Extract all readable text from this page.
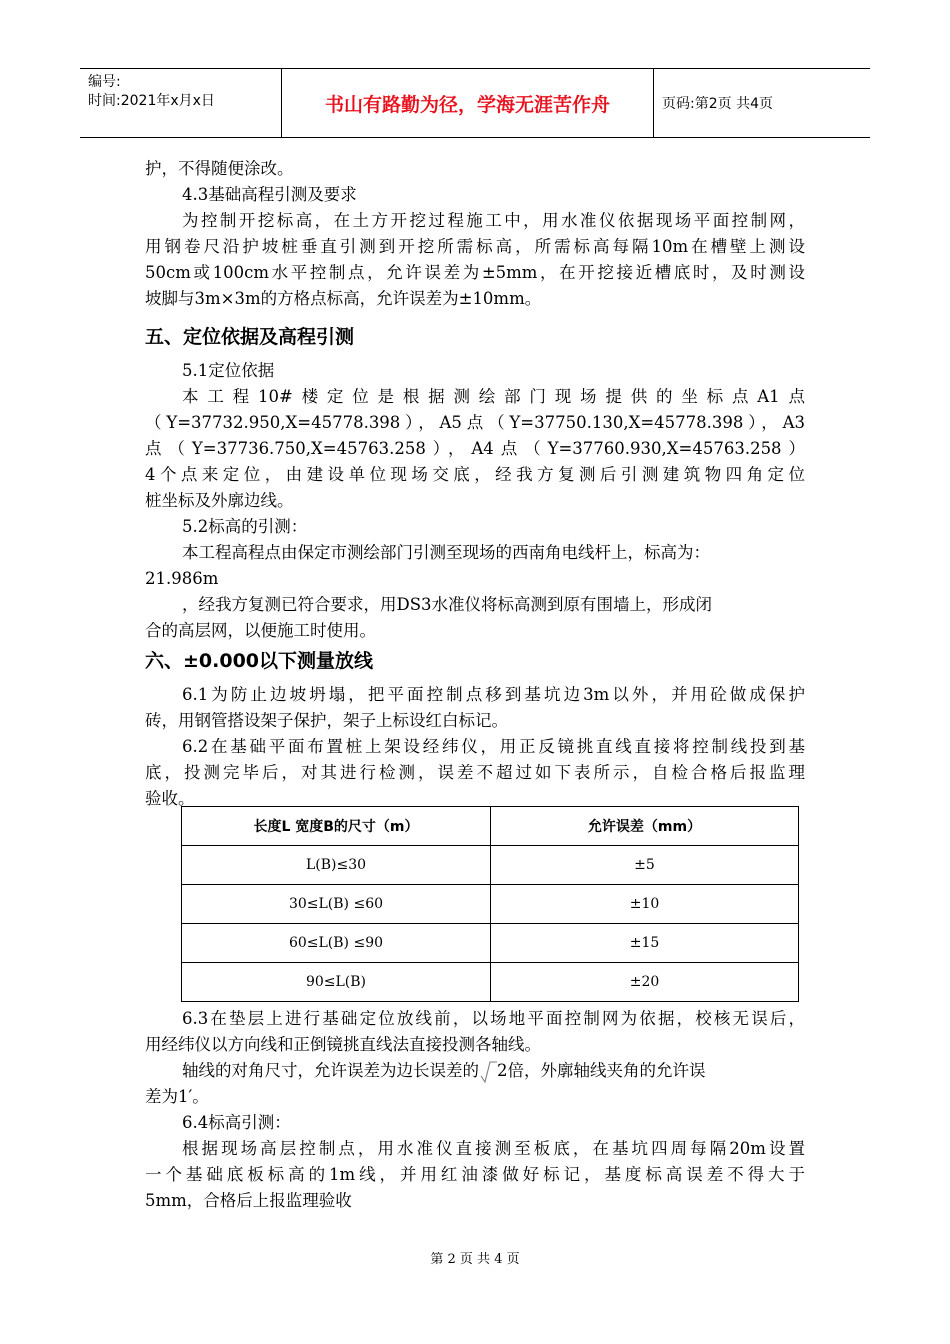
编号:
时间:2021年x月x日	书山有路勤为径，学海无涯苦作舟	页码:第2页 共4页
护，不得随便涂改。
4.3基础高程引测及要求
为控制开挖标高，在土方开挖过程施工中，用水准仪依据现场平面控制网，
用钢卷尺沿护坡桩垂直引测到开挖所需标高，所需标高每隔10m在槽壁上测设
50cm或100cm水平控制点，允许误差为±5mm，在开挖接近槽底时，及时测设
坡脚与3m×3m的方格点标高，允许误差为±10mm。
五、定位依据及高程引测
5.1定位依据
本工程10#楼定位是根据测绘部门现场提供的坐标点A1点
（Y=37732.950,X=45778.398），A5点（Y=37750.130,X=45778.398），A3
点（Y=37736.750,X=45763.258），A4点（Y=37760.930,X=45763.258）
4个点来定位，由建设单位现场交底，经我方复测后引测建筑物四角定位
桩坐标及外廓边线。
5.2标高的引测：
本工程高程点由保定市测绘部门引测至现场的西南角电线杆上，标高为：
21.986m
，经我方复测已符合要求，用DS3水准仪将标高测到原有围墙上，形成闭
合的高层网，以便施工时使用。
六、±0.000以下测量放线
6.1为防止边坡坍塌，把平面控制点移到基坑边3m以外，并用砼做成保护
砖，用钢管搭设架子保护，架子上标设红白标记。
6.2在基础平面布置桩上架设经纬仪，用正反镜挑直线直接将控制线投到基
底，投测完毕后，对其进行检测，误差不超过如下表所示，自检合格后报监理
验收。
长度L 宽度B的尺寸（m）	允许误差（mm）
L(B)≤30	±5
30≤L(B) ≤60	±10
60≤L(B) ≤90	±15
90≤L(B)	±20
6.3在垫层上进行基础定位放线前，以场地平面控制网为依据，校核无误后，
用经纬仪以方向线和正倒镜挑直线法直接投测各轴线。
轴线的对角尺寸，允许误差为边长误差的 2倍，外廓轴线夹角的允许误
差为1′。
6.4标高引测：
根据现场高层控制点，用水准仪直接测至板底，在基坑四周每隔20m设置
一个基础底板标高的1m线，并用红油漆做好标记，基度标高误差不得大于
5mm，合格后上报监理验收
第 2 页 共 4 页
